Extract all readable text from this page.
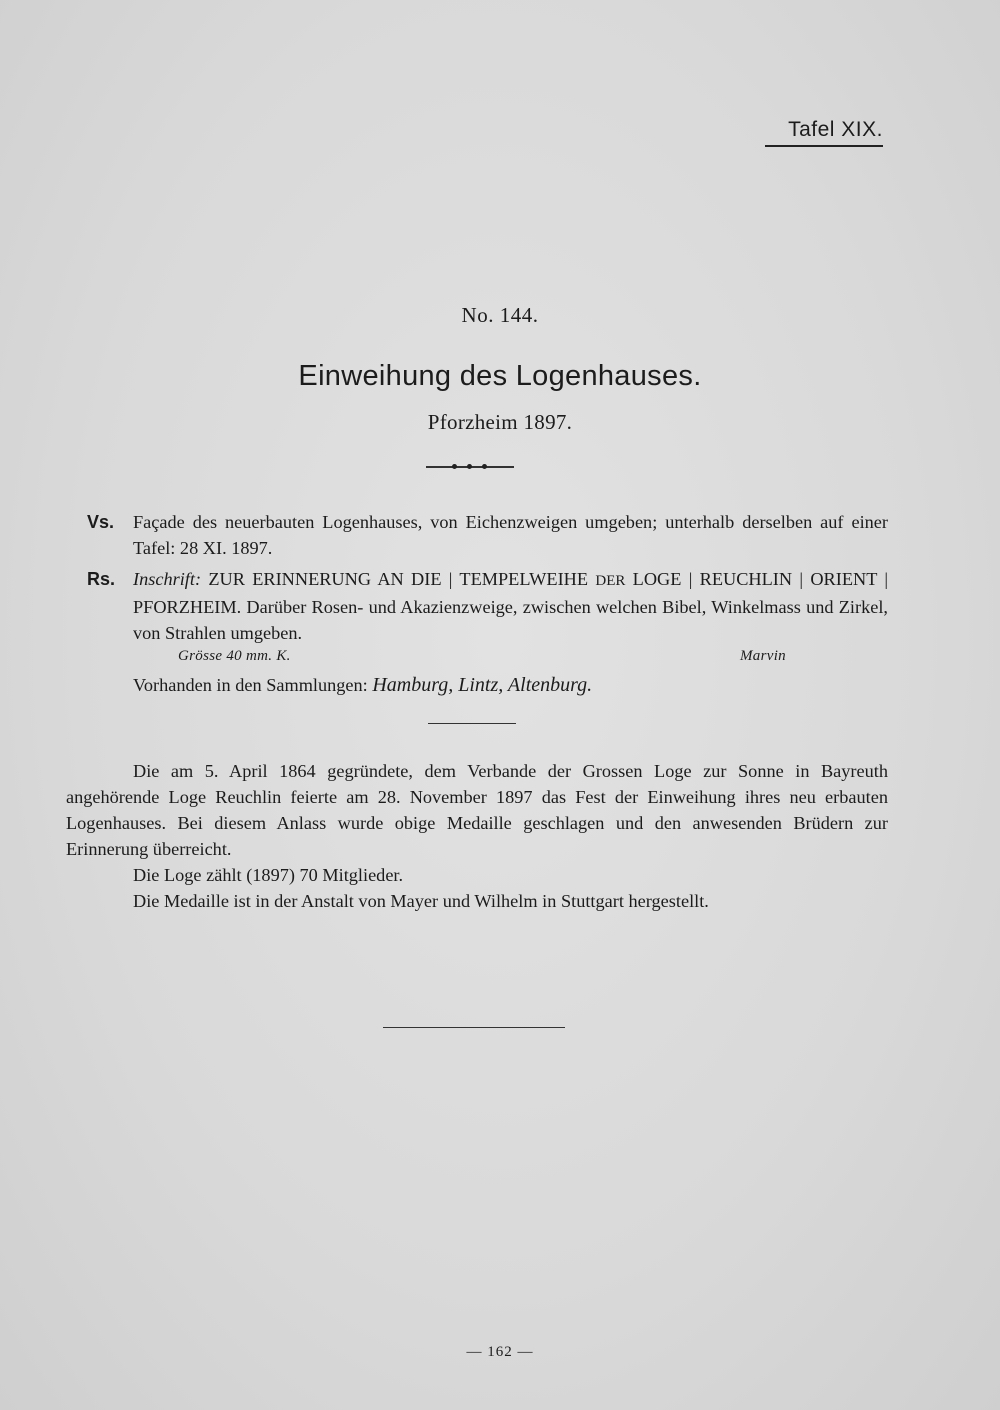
Tafel XIX.
No. 144.
Einweihung des Logenhauses.
Pforzheim 1897.
Vs. Façade des neuerbauten Logenhauses, von Eichenzweigen umgeben; unterhalb derselben auf einer Tafel: 28 XI. 1897.
Rs. Inschrift: ZUR ERINNERUNG AN DIE | TEMPELWEIHE DER LOGE | REUCHLIN | ORIENT | PFORZHEIM. Darüber Rosen- und Akazienzweige, zwischen welchen Bibel, Winkelmass und Zirkel, von Strahlen umgeben.
Grösse 40 mm. K.	Marvin
Vorhanden in den Sammlungen: Hamburg, Lintz, Altenburg.

Die am 5. April 1864 gegründete, dem Verbande der Grossen Loge zur Sonne in Bayreuth angehörende Loge Reuchlin feierte am 28. November 1897 das Fest der Einweihung ihres neu erbauten Logenhauses. Bei diesem Anlass wurde obige Medaille geschlagen und den anwesenden Brüdern zur Erinnerung überreicht.

Die Loge zählt (1897) 70 Mitglieder.

Die Medaille ist in der Anstalt von Mayer und Wilhelm in Stuttgart hergestellt.

— 162 —
